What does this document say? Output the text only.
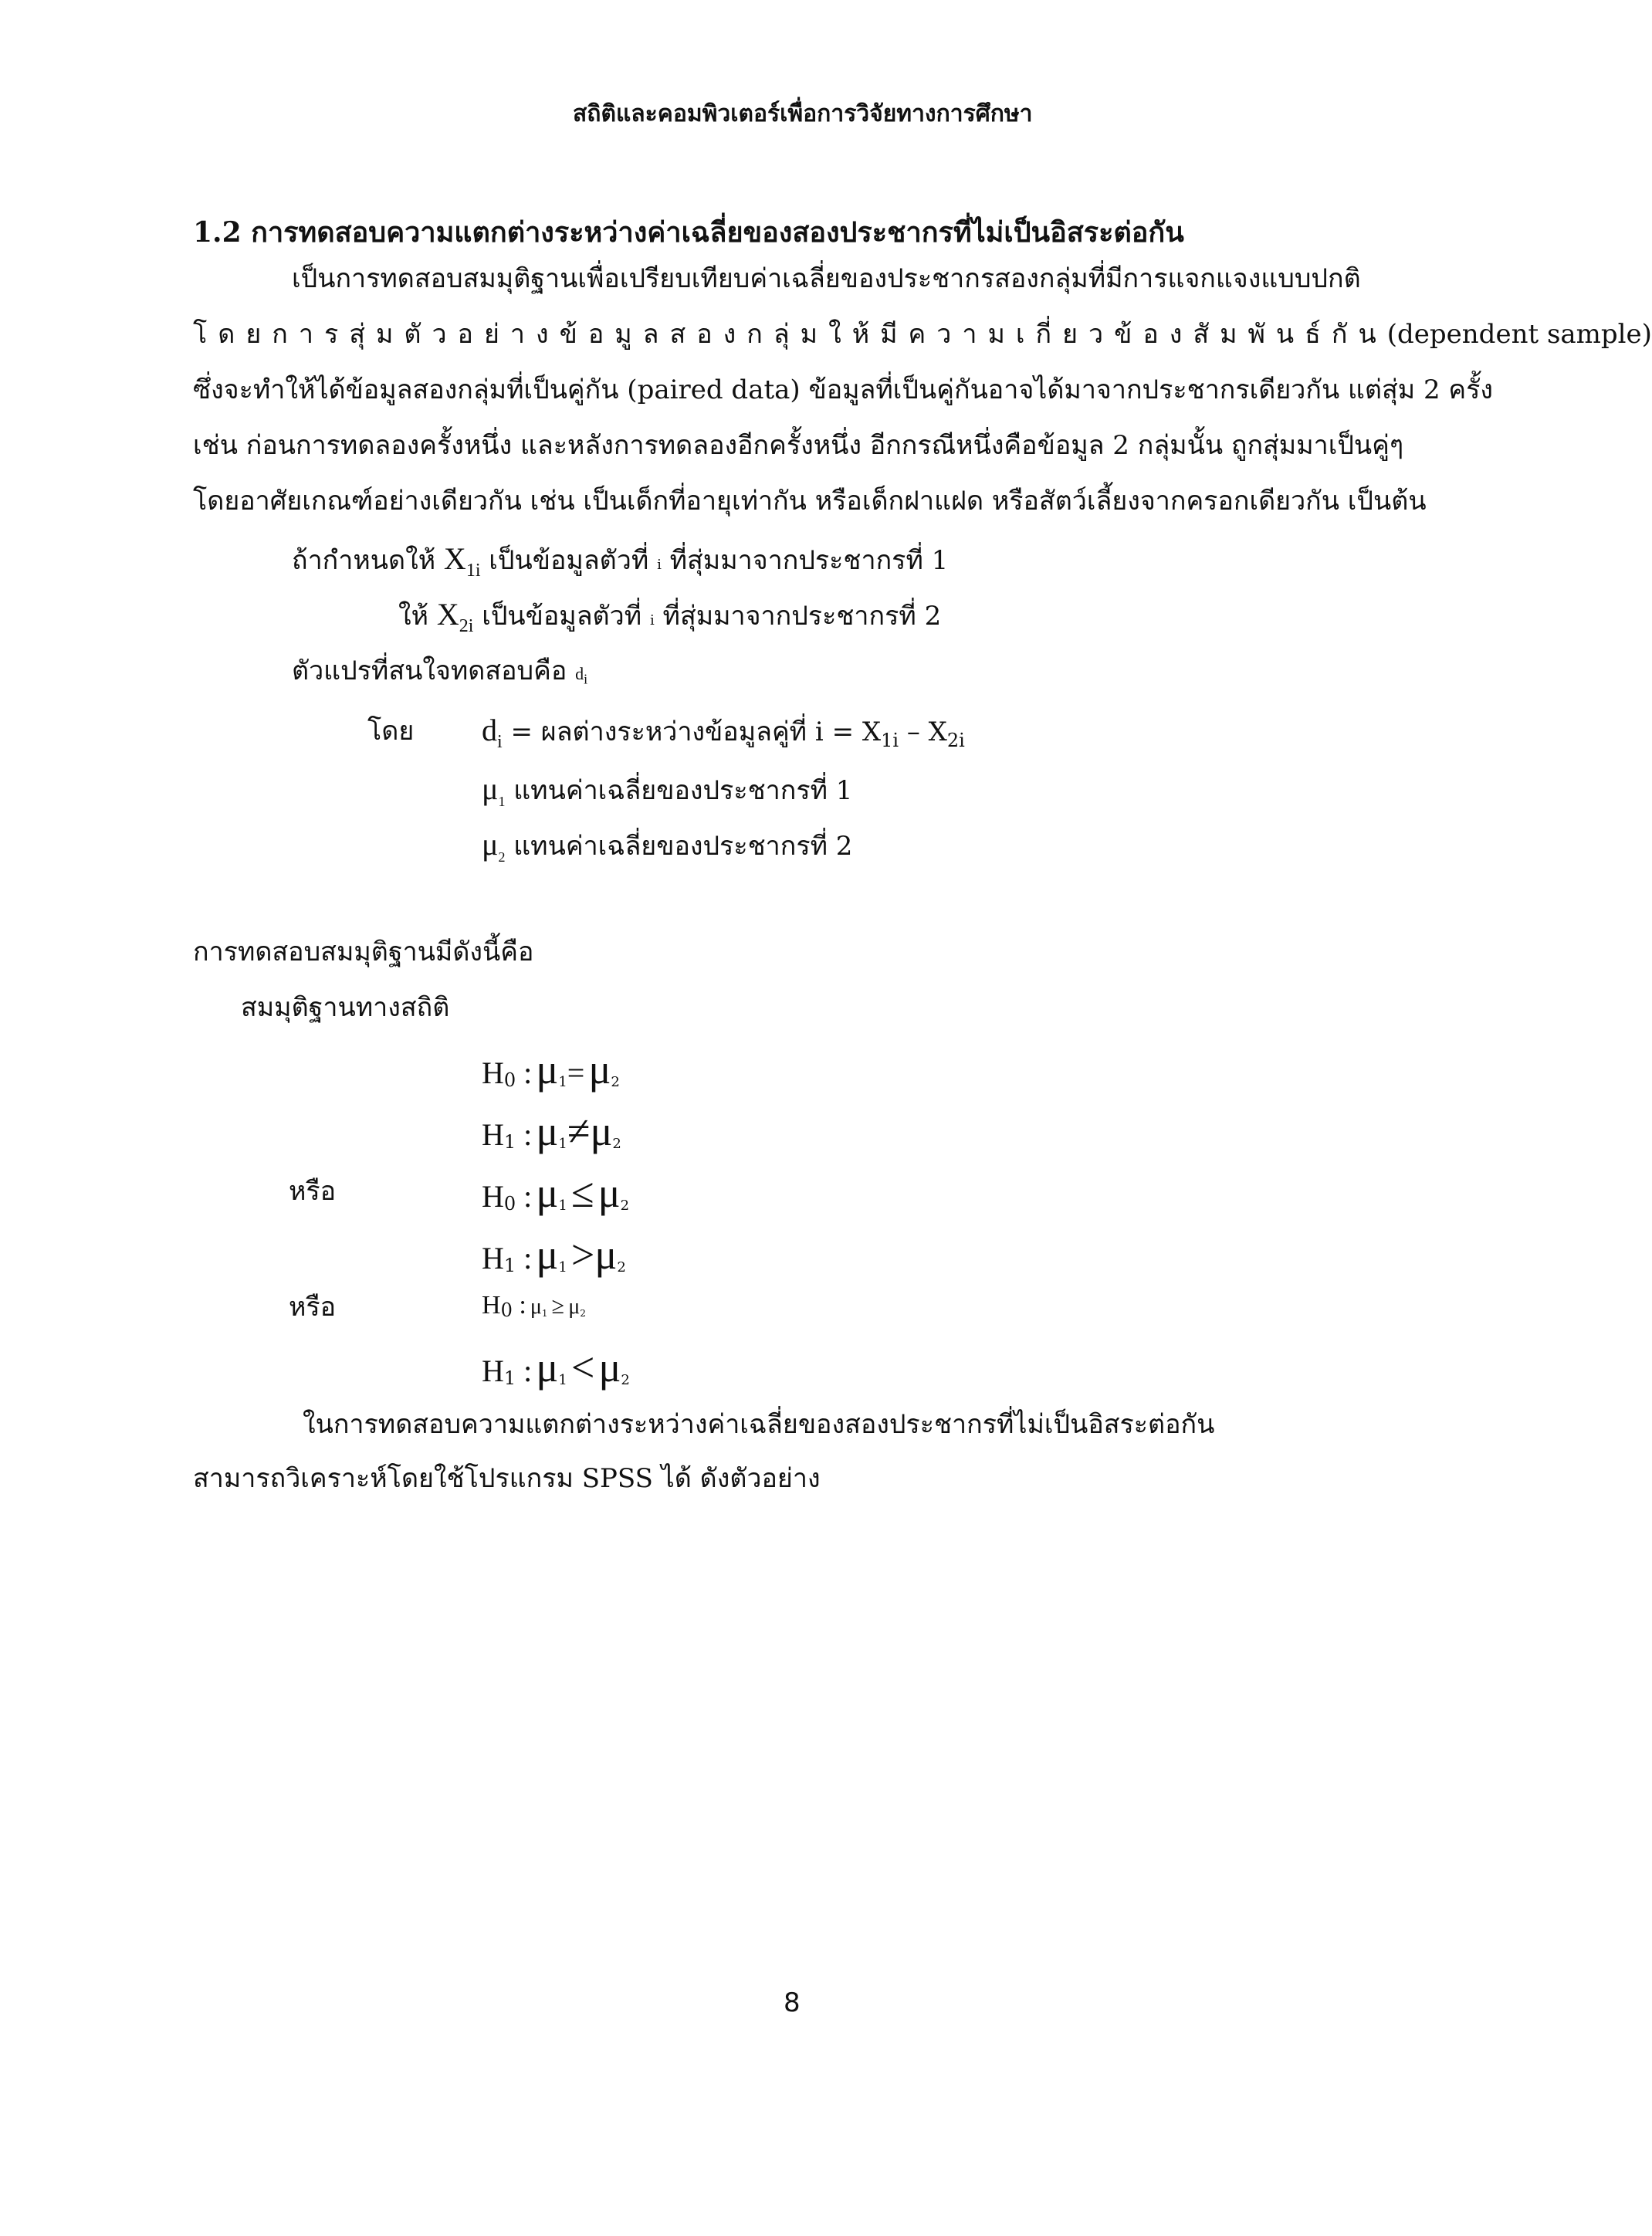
สถิติและคอมพิวเตอร์เพื่อการวิจัยทางการศึกษา
1.2 การทดสอบความแตกต่างระหว่างค่าเฉลี่ยของสองประชากรที่ไม่เป็นอิสระต่อกัน
เป็นการทดสอบสมมุติฐานเพื่อเปรียบเทียบค่าเฉลี่ยของประชากรสองกลุ่มที่มีการแจกแจงแบบปกติ
โดยการสุ่มตัวอย่างข้อมูลสองกลุ่มให้มีความเกี่ยวข้องสัมพันธ์กัน (dependent sample)
ซึ่งจะทำให้ได้ข้อมูลสองกลุ่มที่เป็นคู่กัน (paired data) ข้อมูลที่เป็นคู่กันอาจได้มาจากประชากรเดียวกัน แต่สุ่ม 2 ครั้ง
เช่น ก่อนการทดลองครั้งหนึ่ง และหลังการทดลองอีกครั้งหนึ่ง อีกกรณีหนึ่งคือข้อมูล 2 กลุ่มนั้น ถูกสุ่มมาเป็นคู่ๆ
โดยอาศัยเกณฑ์อย่างเดียวกัน เช่น เป็นเด็กที่อายุเท่ากัน หรือเด็กฝาแฝด หรือสัตว์เลี้ยงจากครอกเดียวกัน เป็นต้น
ถ้ากำหนดให้ $X_{1i}$ เป็นข้อมูลตัวที่ i ที่สุ่มมาจากประชากรที่ 1
ให้ $X_{2i}$ เป็นข้อมูลตัวที่ i ที่สุ่มมาจากประชากรที่ 2
ตัวแปรที่สนใจทดสอบคือ $d_i$
โดย $d_i$ = ผลต่างระหว่างข้อมูลคู่ที่ $i = X_{1i} - X_{2i}$
$\mu_1$ แทนค่าเฉลี่ยของประชากรที่ 1
$\mu_2$ แทนค่าเฉลี่ยของประชากรที่ 2
การทดสอบสมมุติฐานมีดังนี้คือ
สมมุติฐานทางสถิติ
$H_0$ : $\mu_1= \mu_2$
$H_1$ : $\mu_1\ne\mu_2$
หรือ	$H_0$ : $\mu_1 \le \mu_2$
$H_1$ : $\mu_1 >\mu_2$
หรือ	$H_0$ : $\mu_1 \ge \mu_2$
$H_1$ : $\mu_1 < \mu_2$
ในการทดสอบความแตกต่างระหว่างค่าเฉลี่ยของสองประชากรที่ไม่เป็นอิสระต่อกัน
สามารถวิเคราะห์โดยใช้โปรแกรม SPSS ได้ ดังตัวอย่าง
8
